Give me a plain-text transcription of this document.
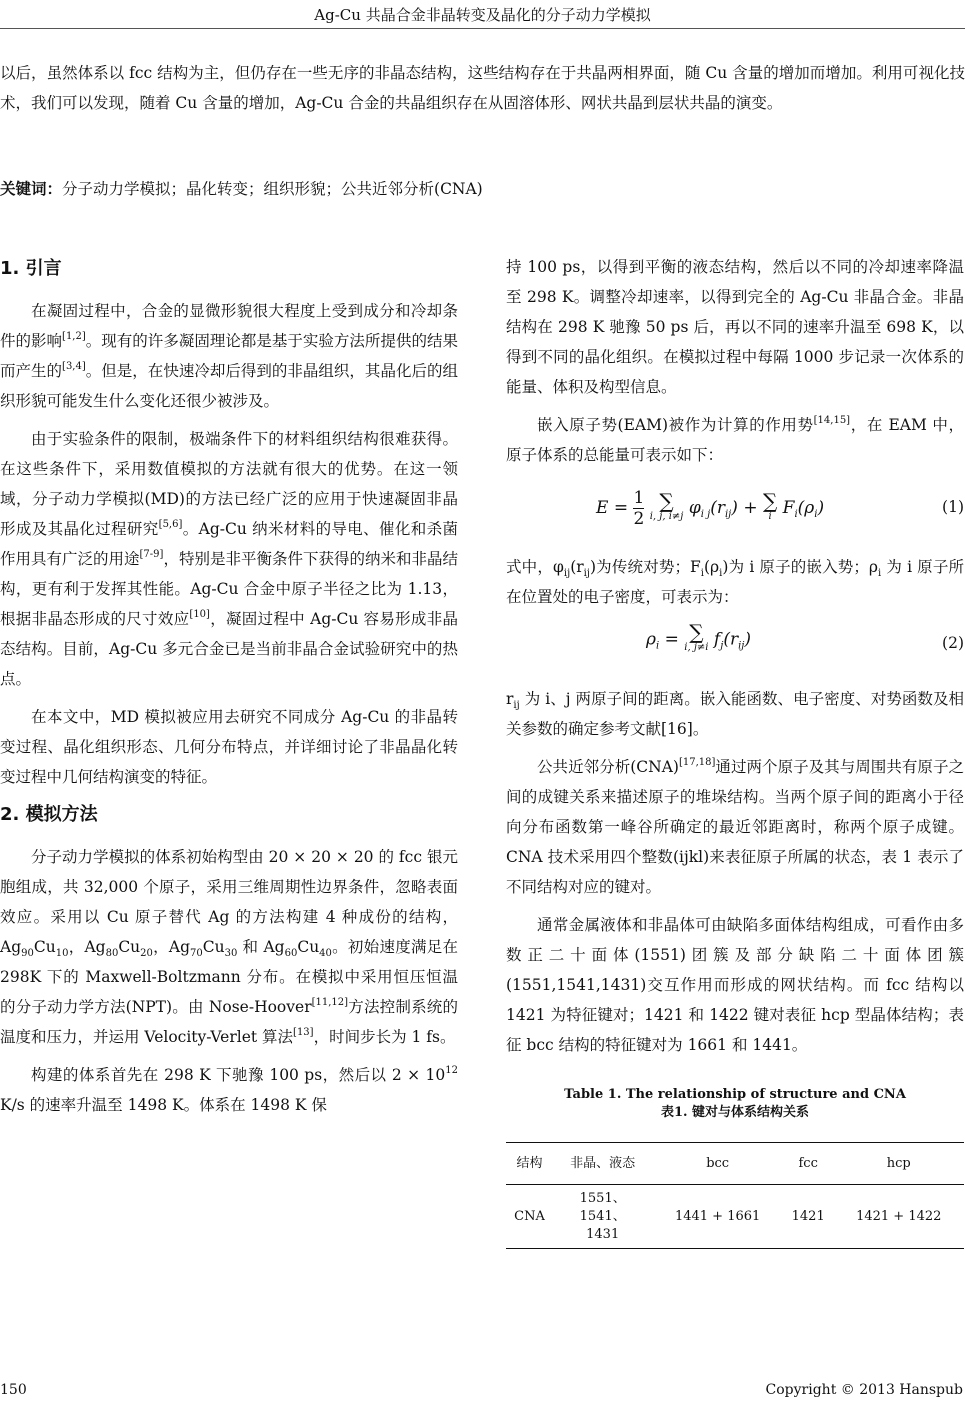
Ag-Cu 共晶合金非晶转变及晶化的分子动力学模拟
以后，虽然体系以 fcc 结构为主，但仍存在一些无序的非晶态结构，这些结构存在于共晶两相界面，随 Cu 含量的增加而增加。利用可视化技术，我们可以发现，随着 Cu 含量的增加，Ag-Cu 合金的共晶组织存在从固溶体形、网状共晶到层状共晶的演变。
关键词：分子动力学模拟；晶化转变；组织形貌；公共近邻分析(CNA)
1. 引言

在凝固过程中，合金的显微形貌很大程度上受到成分和冷却条件的影响[1,2]。现有的许多凝固理论都是基于实验方法所提供的结果而产生的[3,4]。但是，在快速冷却后得到的非晶组织，其晶化后的组织形貌可能发生什么变化还很少被涉及。

由于实验条件的限制，极端条件下的材料组织结构很难获得。在这些条件下，采用数值模拟的方法就有很大的优势。在这一领域，分子动力学模拟(MD)的方法已经广泛的应用于快速凝固非晶形成及其晶化过程研究[5,6]。Ag-Cu 纳米材料的导电、催化和杀菌作用具有广泛的用途[7-9]，特别是非平衡条件下获得的纳米和非晶结构，更有利于发挥其性能。Ag-Cu 合金中原子半径之比为 1.13，根据非晶态形成的尺寸效应[10]，凝固过程中 Ag-Cu 容易形成非晶态结构。目前，Ag-Cu 多元合金已是当前非晶合金试验研究中的热点。

在本文中，MD 模拟被应用去研究不同成分 Ag-Cu 的非晶转变过程、晶化组织形态、几何分布特点，并详细讨论了非晶晶化转变过程中几何结构演变的特征。

2. 模拟方法

分子动力学模拟的体系初始构型由 20 × 20 × 20 的 fcc 银元胞组成，共 32,000 个原子，采用三维周期性边界条件，忽略表面效应。采用以 Cu 原子替代 Ag 的方法构建 4 种成份的结构，$Ag_{90}Cu_{10}$，$Ag_{80}Cu_{20}$，$Ag_{70}Cu_{30}$ 和 $Ag_{60}Cu_{40}$。初始速度满足在 298K 下的 Maxwell-Boltzmann 分布。在模拟中采用恒压恒温的分子动力学方法(NPT)。由 Nose-Hoover[11,12]方法控制系统的温度和压力，并运用 Velocity-Verlet 算法[13]，时间步长为 1 fs。

构建的体系首先在 298 K 下驰豫 100 ps，然后以 $2 \times 10^{12}$ K/s 的速率升温至 1498 K。体系在 1498 K 保

持 100 ps，以得到平衡的液态结构，然后以不同的冷却速率降温至 298 K。调整冷却速率，以得到完全的 Ag-Cu 非晶合金。非晶结构在 298 K 驰豫 50 ps 后，再以不同的速率升温至 698 K，以得到不同的晶化组织。在模拟过程中每隔 1000 步记录一次体系的能量、体积及构型信息。

嵌入原子势(EAM)被作为计算的作用势[14,15]，在 EAM 中，原子体系的总能量可表示如下：

$E = \frac{1}{2}$
∑
i, j, i≠j $\varphi_{i j}(r_{ij})$ + ∑
i $F_i(\rho_i)$	(1)

式中，$\varphi_{ij}(r_{ij})$为传统对势；$F_i(\rho_i)$为 i 原子的嵌入势；$\rho_i$ 为 i 原子所在位置处的电子密度，可表示为：

$\rho_i$ = ∑
i, j≠i $f_j(r_{ij})$	(2)

$r_{ij}$ 为 i、j 两原子间的距离。嵌入能函数、电子密度、对势函数及相关参数的确定参考文献[16]。

公共近邻分析(CNA)[17,18]通过两个原子及其与周围共有原子之间的成键关系来描述原子的堆垛结构。当两个原子间的距离小于径向分布函数第一峰谷所确定的最近邻距离时，称两个原子成键。CNA 技术采用四个整数(ijkl)来表征原子所属的状态，表 1 表示了不同结构对应的键对。

通常金属液体和非晶体可由缺陷多面体结构组成，可看作由多数正二十面体(1551)团簇及部分缺陷二十面体团簇(1551,1541,1431)交互作用而形成的网状结构。而 fcc 结构以 1421 为特征键对；1421 和 1422 键对表征 hcp 型晶体结构；表征 bcc 结构的特征键对为 1661 和 1441。

Table 1. The relationship of structure and CNA
表1. 键对与体系结构关系
结构	非晶、液态	bcc	fcc	hcp
CNA	1551、
1541、
1431	1441 + 1661	1421	1421 + 1422
150	Copyright © 2013 Hanspub
